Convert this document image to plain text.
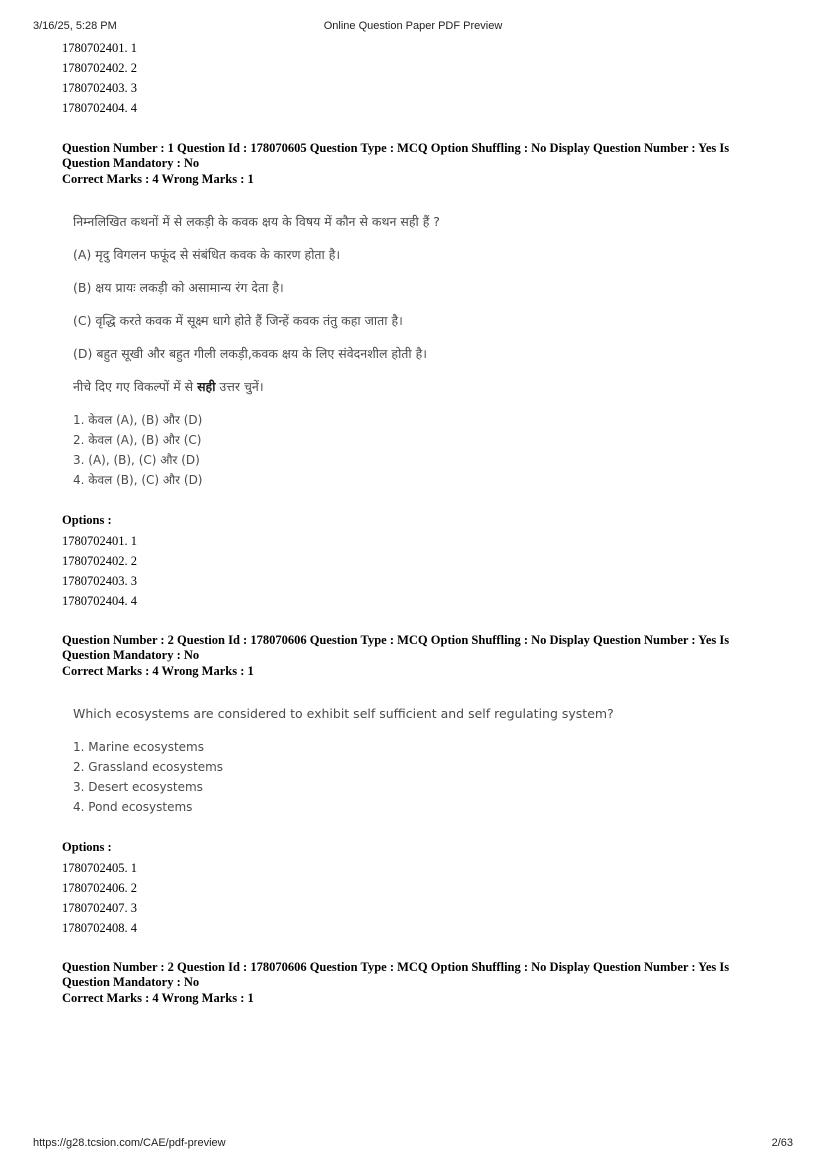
3/16/25, 5:28 PM	Online Question Paper PDF Preview
1780702401. 1
1780702402. 2
1780702403. 3
1780702404. 4
Question Number : 1 Question Id : 178070605 Question Type : MCQ Option Shuffling : No Display Question Number : Yes Is Question Mandatory : No
Correct Marks : 4 Wrong Marks : 1
निम्नलिखित कथनों में से लकड़ी के कवक क्षय के विषय में कौन से कथन सही हैं ?
(A) मृदु विगलन फफूंद से संबंधित कवक के कारण होता है।
(B) क्षय प्रायः लकड़ी को असामान्य रंग देता है।
(C) वृद्धि करते कवक में सूक्ष्म धागे होते हैं जिन्हें कवक तंतु कहा जाता है।
(D) बहुत सूखी और बहुत गीली लकड़ी,कवक क्षय के लिए संवेदनशील होती है।
नीचे दिए गए विकल्पों में से सही उत्तर चुनें।
1. केवल (A), (B) और (D)
2. केवल (A), (B) और (C)
3. (A), (B), (C) और (D)
4. केवल (B), (C) और (D)
Options :
1780702401. 1
1780702402. 2
1780702403. 3
1780702404. 4
Question Number : 2 Question Id : 178070606 Question Type : MCQ Option Shuffling : No Display Question Number : Yes Is Question Mandatory : No
Correct Marks : 4 Wrong Marks : 1
Which ecosystems are considered to exhibit self sufficient and self regulating system?
1. Marine ecosystems
2. Grassland ecosystems
3. Desert ecosystems
4. Pond ecosystems
Options :
1780702405. 1
1780702406. 2
1780702407. 3
1780702408. 4
Question Number : 2 Question Id : 178070606 Question Type : MCQ Option Shuffling : No Display Question Number : Yes Is Question Mandatory : No
Correct Marks : 4 Wrong Marks : 1
https://g28.tcsion.com/CAE/pdf-preview	2/63
